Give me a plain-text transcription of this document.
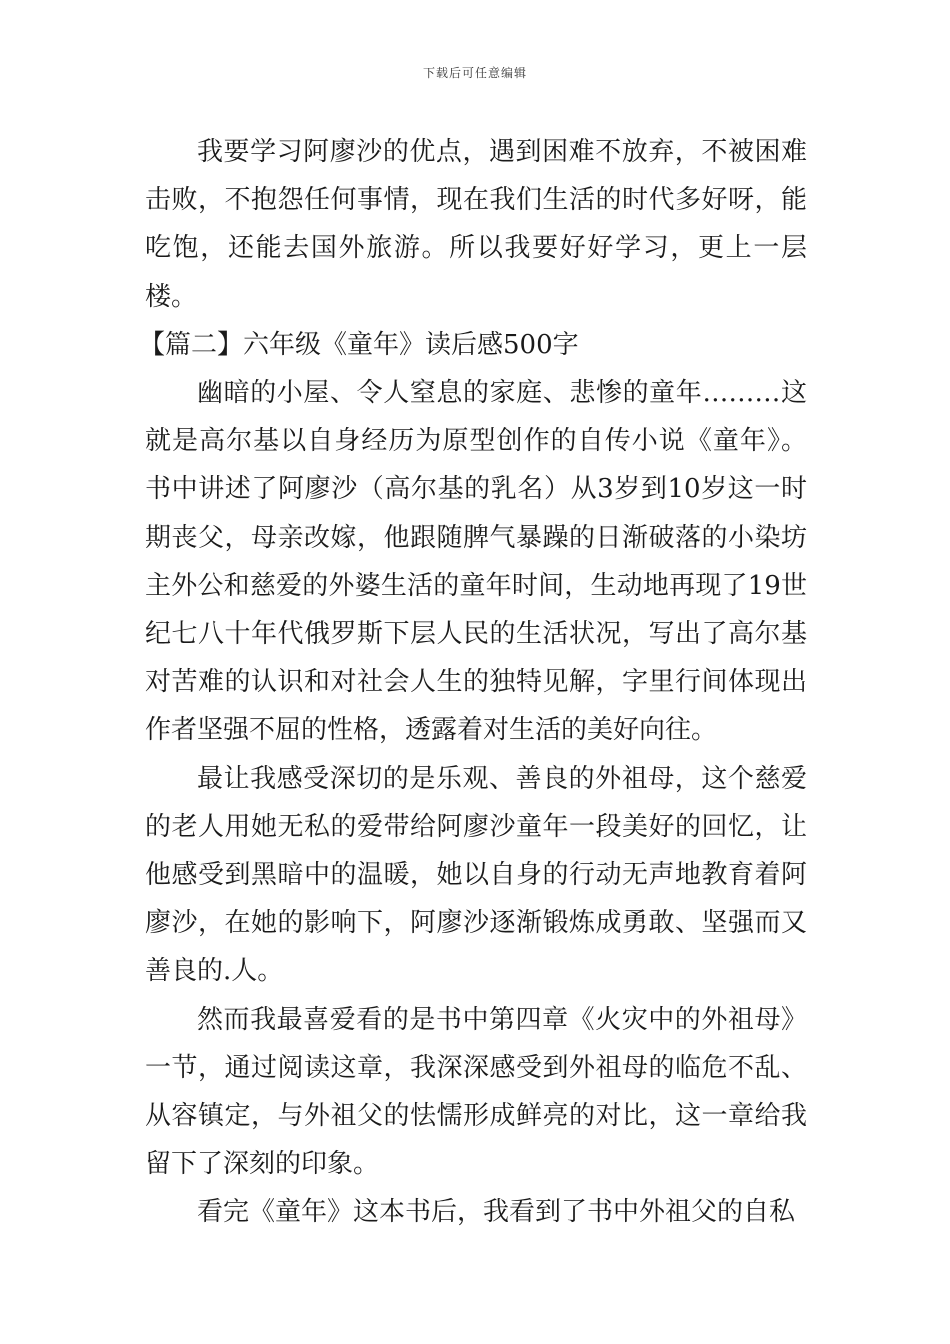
下载后可任意编辑

我要学习阿廖沙的优点，遇到困难不放弃，不被困难击败，不抱怨任何事情，现在我们生活的时代多好呀，能吃饱，还能去国外旅游。所以我要好好学习，更上一层楼。

【篇二】六年级《童年》读后感500字

幽暗的小屋、令人窒息的家庭、悲惨的童年………这就是高尔基以自身经历为原型创作的自传小说《童年》。书中讲述了阿廖沙（高尔基的乳名）从3岁到10岁这一时期丧父，母亲改嫁，他跟随脾气暴躁的日渐破落的小染坊主外公和慈爱的外婆生活的童年时间，生动地再现了19世纪七八十年代俄罗斯下层人民的生活状况，写出了高尔基对苦难的认识和对社会人生的独特见解，字里行间体现出作者坚强不屈的性格，透露着对生活的美好向往。

最让我感受深切的是乐观、善良的外祖母，这个慈爱的老人用她无私的爱带给阿廖沙童年一段美好的回忆，让他感受到黑暗中的温暖，她以自身的行动无声地教育着阿廖沙，在她的影响下，阿廖沙逐渐锻炼成勇敢、坚强而又善良的.人。

然而我最喜爱看的是书中第四章《火灾中的外祖母》一节，通过阅读这章，我深深感受到外祖母的临危不乱、从容镇定，与外祖父的怯懦形成鲜亮的对比，这一章给我留下了深刻的印象。

看完《童年》这本书后，我看到了书中外祖父的自私
